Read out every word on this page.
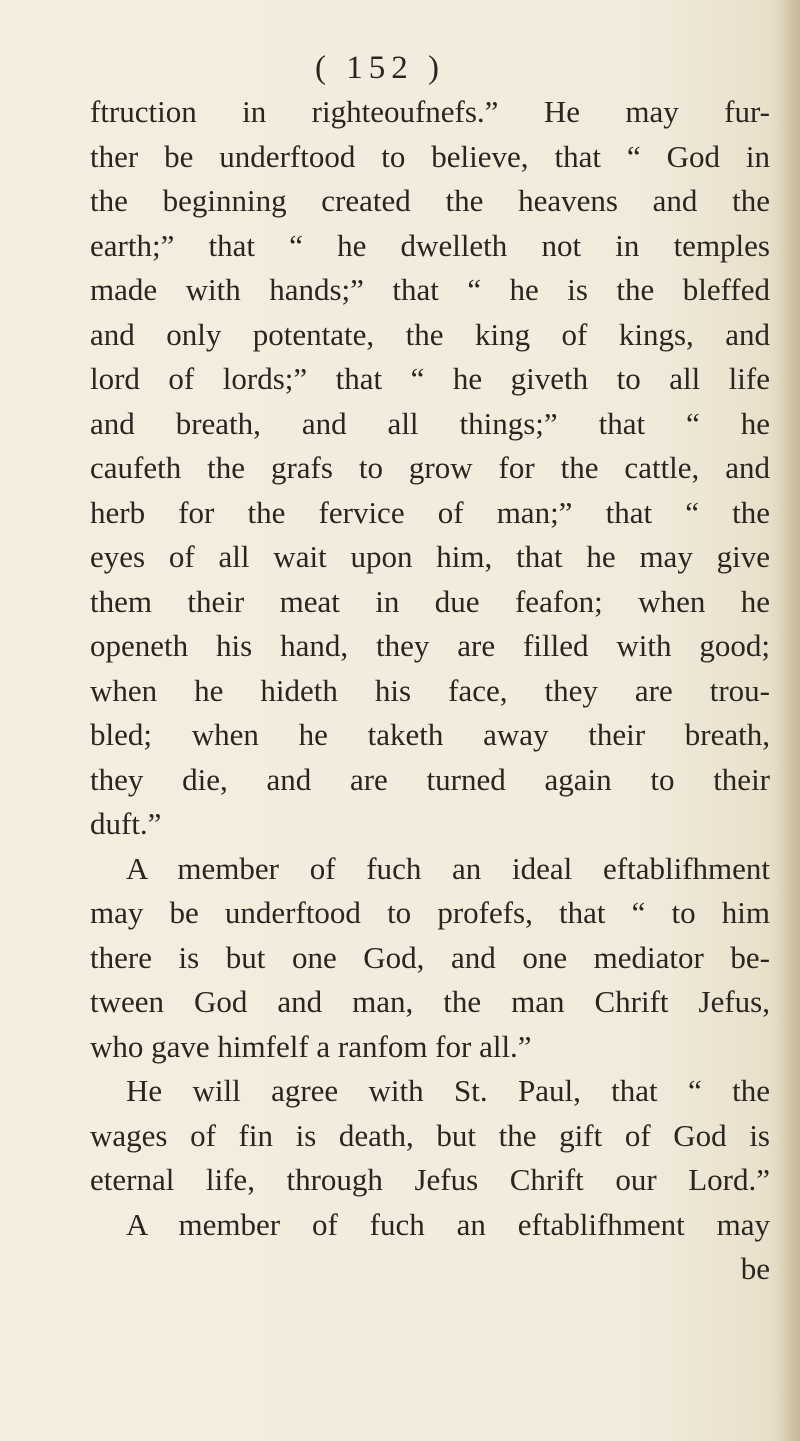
( 152 )
ftruction in righteoufnefs.” He may fur-
ther be underftood to believe, that “ God in
the beginning created the heavens and the
earth;” that “ he dwelleth not in temples
made with hands;” that “ he is the bleffed
and only potentate, the king of kings, and
lord of lords;” that “ he giveth to all life
and breath, and all things;” that “ he
caufeth the grafs to grow for the cattle, and
herb for the fervice of man;” that “ the
eyes of all wait upon him, that he may give
them their meat in due feafon; when he
openeth his hand, they are filled with good;
when he hideth his face, they are trou-
bled; when he taketh away their breath,
they die, and are turned again to their
duft.”
A member of fuch an ideal eftablifhment
may be underftood to profefs, that “ to him
there is but one God, and one mediator be-
tween God and man, the man Chrift Jefus,
who gave himfelf a ranfom for all.”
He will agree with St. Paul, that “ the
wages of fin is death, but the gift of God is
eternal life, through Jefus Chrift our Lord.”
A member of fuch an eftablifhment may
be
